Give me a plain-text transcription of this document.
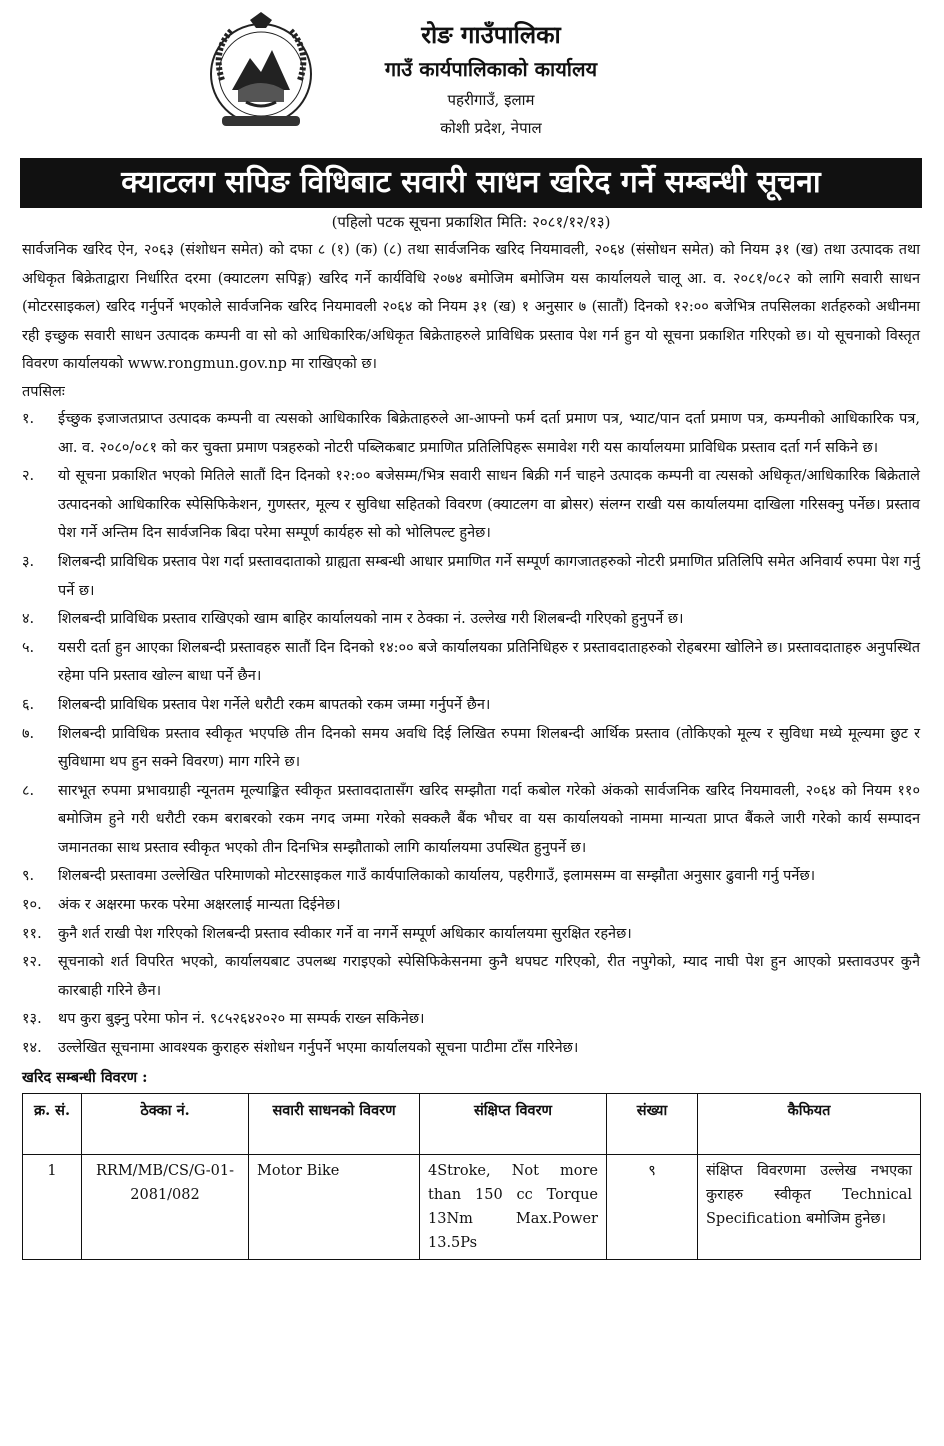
रोङ गाउँपालिका
गाउँ कार्यपालिकाको कार्यालय
पहरीगाउँ, इलाम
कोशी प्रदेश, नेपाल
क्याटलग सपिङ विधिबाट सवारी साधन खरिद गर्ने सम्बन्धी सूचना
(पहिलो पटक सूचना प्रकाशित मिति: २०८१/१२/१३)

सार्वजनिक खरिद ऐन, २०६३ (संशोधन समेत) को दफा ८ (१) (क) (८) तथा सार्वजनिक खरिद नियमावली, २०६४ (संसोधन समेत) को नियम ३१ (ख) तथा उत्पादक तथा अधिकृत बिक्रेताद्वारा निर्धारित दरमा (क्याटलग सपिङ्ग) खरिद गर्ने कार्यविधि २०७४ बमोजिम बमोजिम यस कार्यालयले चालू आ. व. २०८१/०८२ को लागि सवारी साधन (मोटरसाइकल) खरिद गर्नुपर्ने भएकोले सार्वजनिक खरिद नियमावली २०६४ को नियम ३१ (ख) १ अनुसार ७ (सातौं) दिनको १२:०० बजेभित्र तपसिलका शर्तहरुको अधीनमा रही इच्छुक सवारी साधन उत्पादक कम्पनी वा सो को आधिकारिक/अधिकृत बिक्रेताहरुले प्राविधिक प्रस्ताव पेश गर्न हुन यो सूचना प्रकाशित गरिएको छ। यो सूचनाको विस्तृत विवरण कार्यालयको www.rongmun.gov.np मा राखिएको छ।

तपसिलः
१.	ईच्छुक इजाजतप्राप्त उत्पादक कम्पनी वा त्यसको आधिकारिक बिक्रेताहरुले आ-आफ्नो फर्म दर्ता प्रमाण पत्र, भ्याट/पान दर्ता प्रमाण पत्र, कम्पनीको आधिकारिक पत्र, आ. व. २०८०/०८१ को कर चुक्ता प्रमाण पत्रहरुको नोटरी पब्लिकबाट प्रमाणित प्रतिलिपिहरू समावेश गरी यस कार्यालयमा प्राविधिक प्रस्ताव दर्ता गर्न सकिने छ।
२.	यो सूचना प्रकाशित भएको मितिले सातौं दिन दिनको १२:०० बजेसम्म/भित्र सवारी साधन बिक्री गर्न चाहने उत्पादक कम्पनी वा त्यसको अधिकृत/आधिकारिक बिक्रेताले उत्पादनको आधिकारिक स्पेसिफिकेशन, गुणस्तर, मूल्य र सुविधा सहितको विवरण (क्याटलग वा ब्रोसर) संलग्न राखी यस कार्यालयमा दाखिला गरिसक्नु पर्नेछ। प्रस्ताव पेश गर्ने अन्तिम दिन सार्वजनिक बिदा परेमा सम्पूर्ण कार्यहरु सो को भोलिपल्ट हुनेछ।
३.	शिलबन्दी प्राविधिक प्रस्ताव पेश गर्दा प्रस्तावदाताको ग्राह्यता सम्बन्धी आधार प्रमाणित गर्ने सम्पूर्ण कागजातहरुको नोटरी प्रमाणित प्रतिलिपि समेत अनिवार्य रुपमा पेश गर्नु पर्ने छ।
४.	शिलबन्दी प्राविधिक प्रस्ताव राखिएको खाम बाहिर कार्यालयको नाम र ठेक्का नं. उल्लेख गरी शिलबन्दी गरिएको हुनुपर्ने छ।
५.	यसरी दर्ता हुन आएका शिलबन्दी प्रस्तावहरु सातौं दिन दिनको १४:०० बजे कार्यालयका प्रतिनिधिहरु र प्रस्तावदाताहरुको रोहबरमा खोलिने छ। प्रस्तावदाताहरु अनुपस्थित रहेमा पनि प्रस्ताव खोल्न बाधा पर्ने छैन।
६.	शिलबन्दी प्राविधिक प्रस्ताव पेश गर्नेले धरौटी रकम बापतको रकम जम्मा गर्नुपर्ने छैन।
७.	शिलबन्दी प्राविधिक प्रस्ताव स्वीकृत भएपछि तीन दिनको समय अवधि दिई लिखित रुपमा शिलबन्दी आर्थिक प्रस्ताव (तोकिएको मूल्य र सुविधा मध्ये मूल्यमा छुट र सुविधामा थप हुन सक्ने विवरण) माग गरिने छ।
८.	सारभूत रुपमा प्रभावग्राही न्यूनतम मूल्याङ्कित स्वीकृत प्रस्तावदातासँग खरिद सम्झौता गर्दा कबोल गरेको अंकको सार्वजनिक खरिद नियमावली, २०६४ को नियम ११० बमोजिम हुने गरी धरौटी रकम बराबरको रकम नगद जम्मा गरेको सक्कलै बैंक भौचर वा यस कार्यालयको नाममा मान्यता प्राप्त बैंकले जारी गरेको कार्य सम्पादन जमानतका साथ प्रस्ताव स्वीकृत भएको तीन दिनभित्र सम्झौताको लागि कार्यालयमा उपस्थित हुनुपर्ने छ।
९.	शिलबन्दी प्रस्तावमा उल्लेखित परिमाणको मोटरसाइकल गाउँ कार्यपालिकाको कार्यालय, पहरीगाउँ, इलामसम्म वा सम्झौता अनुसार ढुवानी गर्नु पर्नेछ।
१०.	अंक र अक्षरमा फरक परेमा अक्षरलाई मान्यता दिईनेछ।
११.	कुनै शर्त राखी पेश गरिएको शिलबन्दी प्रस्ताव स्वीकार गर्ने वा नगर्ने सम्पूर्ण अधिकार कार्यालयमा सुरक्षित रहनेछ।
१२.	सूचनाको शर्त विपरित भएको, कार्यालयबाट उपलब्ध गराइएको स्पेसिफिकेसनमा कुनै थपघट गरिएको, रीत नपुगेको, म्याद नाघी पेश हुन आएको प्रस्तावउपर कुनै कारबाही गरिने छैन।
१३.	थप कुरा बुझ्नु परेमा फोन नं. ९८५२६४२०२० मा सम्पर्क राख्न सकिनेछ।
१४.	उल्लेखित सूचनामा आवश्यक कुराहरु संशोधन गर्नुपर्ने भएमा कार्यालयको सूचना पाटीमा टाँस गरिनेछ।
खरिद सम्बन्धी विवरण :
क्र. सं.	ठेक्का नं.	सवारी साधनको विवरण	संक्षिप्त विवरण	संख्या	कैफियत
1	RRM/MB/CS/G-01-2081/082	Motor Bike	4Stroke, Not more than 150 cc Torque 13Nm Max.Power 13.5Ps	९	संक्षिप्त विवरणमा उल्लेख नभएका कुराहरु स्वीकृत Technical Specification बमोजिम हुनेछ।
